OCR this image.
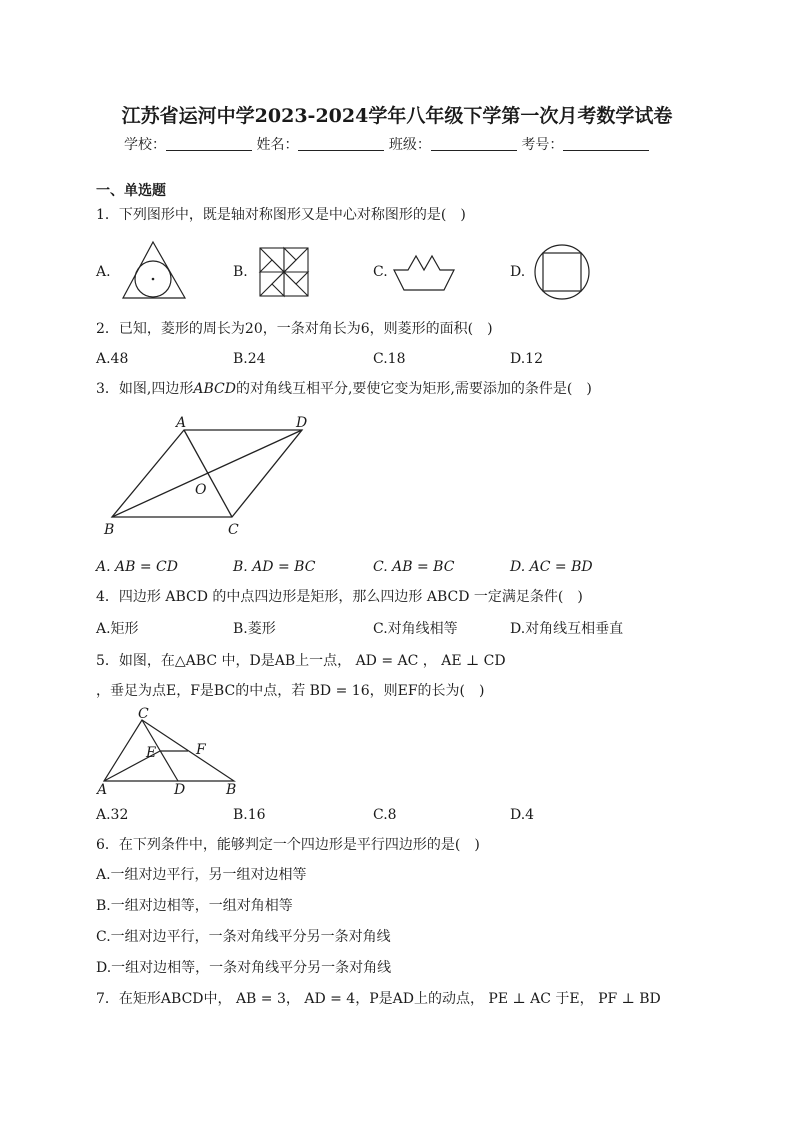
江苏省运河中学2023-2024学年八年级下学第一次月考数学试卷
学校：	姓名：	班级：	考号：
一、单选题
1．下列图形中，既是轴对称图形又是中心对称图形的是(　)
A.	B.	C.	D.
2．已知，菱形的周长为20，一条对角长为6，则菱形的面积(　)
A.48	B.24	C.18	D.12
3．如图,四边形ABCD的对角线互相平分,要使它变为矩形,需要添加的条件是(　)
A	D
O
B	C
A. AB = CD	B. AD = BC	C. AB = BC	D. AC = BD
4．四边形 ABCD 的中点四边形是矩形，那么四边形 ABCD 一定满足条件(　)
A.矩形	B.菱形	C.对角线相等	D.对角线互相垂直
5．如图，在△ABC 中，D是AB上一点， AD = AC ， AE ⊥ CD
，垂足为点E，F是BC的中点，若 BD = 16，则EF的长为(　)
C
E	F
A	D	B
A.32	B.16	C.8	D.4
6．在下列条件中，能够判定一个四边形是平行四边形的是(　)
A.一组对边平行，另一组对边相等
B.一组对边相等，一组对角相等
C.一组对边平行，一条对角线平分另一条对角线
D.一组对边相等，一条对角线平分另一条对角线
7．在矩形ABCD中， AB = 3， AD = 4，P是AD上的动点， PE ⊥ AC 于E， PF ⊥ BD
